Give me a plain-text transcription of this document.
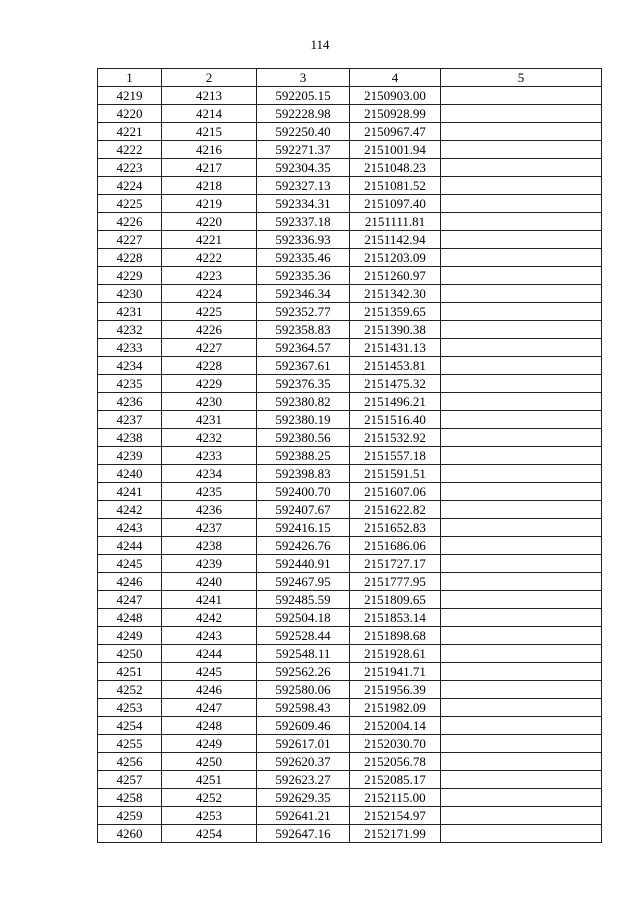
114
1	2	3	4	5
4219	4213	592205.15	2150903.00	
4220	4214	592228.98	2150928.99	
4221	4215	592250.40	2150967.47	
4222	4216	592271.37	2151001.94	
4223	4217	592304.35	2151048.23	
4224	4218	592327.13	2151081.52	
4225	4219	592334.31	2151097.40	
4226	4220	592337.18	2151111.81	
4227	4221	592336.93	2151142.94	
4228	4222	592335.46	2151203.09	
4229	4223	592335.36	2151260.97	
4230	4224	592346.34	2151342.30	
4231	4225	592352.77	2151359.65	
4232	4226	592358.83	2151390.38	
4233	4227	592364.57	2151431.13	
4234	4228	592367.61	2151453.81	
4235	4229	592376.35	2151475.32	
4236	4230	592380.82	2151496.21	
4237	4231	592380.19	2151516.40	
4238	4232	592380.56	2151532.92	
4239	4233	592388.25	2151557.18	
4240	4234	592398.83	2151591.51	
4241	4235	592400.70	2151607.06	
4242	4236	592407.67	2151622.82	
4243	4237	592416.15	2151652.83	
4244	4238	592426.76	2151686.06	
4245	4239	592440.91	2151727.17	
4246	4240	592467.95	2151777.95	
4247	4241	592485.59	2151809.65	
4248	4242	592504.18	2151853.14	
4249	4243	592528.44	2151898.68	
4250	4244	592548.11	2151928.61	
4251	4245	592562.26	2151941.71	
4252	4246	592580.06	2151956.39	
4253	4247	592598.43	2151982.09	
4254	4248	592609.46	2152004.14	
4255	4249	592617.01	2152030.70	
4256	4250	592620.37	2152056.78	
4257	4251	592623.27	2152085.17	
4258	4252	592629.35	2152115.00	
4259	4253	592641.21	2152154.97	
4260	4254	592647.16	2152171.99	
